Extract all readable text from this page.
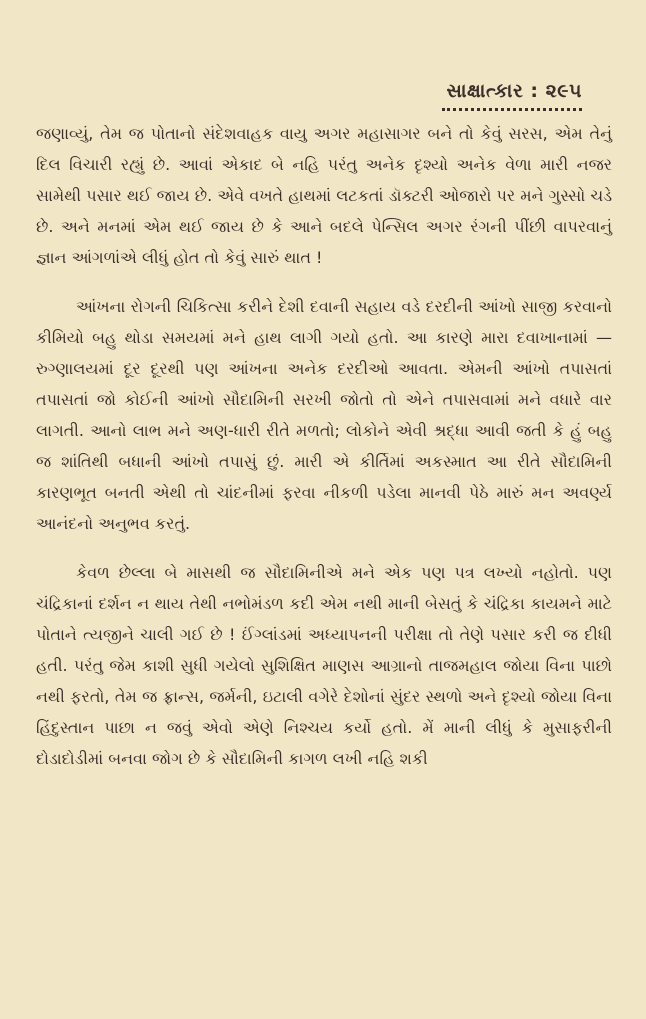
સાક્ષાત્કાર : ૨૯૫

જણાવ્યું, તેમ જ પોતાનો સંદેશવાહક વાયુ અગર મહાસાગર બને તો કેવું સરસ, એમ તેનું દિલ વિચારી રહ્યું છે. આવાં એકાદ બે નહિ પરંતુ અનેક દૃશ્યો અનેક વેળા મારી નજર સામેથી પસાર થઈ જાય છે. એવે વખતે હાથમાં લટકતાં ડૉક્ટરી ઓજારો પર મને ગુસ્સો ચડે છે. અને મનમાં એમ થઈ જાય છે કે આને બદલે પેન્સિલ અગર રંગની પીંછી વાપરવાનું જ્ઞાન આંગળાંએ લીધું હોત તો કેવું સારું થાત !

આંખના રોગની ચિકિત્સા કરીને દેશી દવાની સહાય વડે દરદીની આંખો સાજી કરવાનો કીમિયો બહુ થોડા સમયમાં મને હાથ લાગી ગયો હતો. આ કારણે મારા દવાખાનામાં — રુગ્ણાલયમાં દૂર દૂરથી પણ આંખના અનેક દરદીઓ આવતા. એમની આંખો તપાસતાં તપાસતાં જો કોઈની આંખો સૌદામિની સરખી જોતો તો એને તપાસવામાં મને વધારે વાર લાગતી. આનો લાભ મને અણ-ધારી રીતે મળતો; લોકોને એવી શ્રદ્ધા આવી જતી કે હું બહુ જ શાંતિથી બધાની આંખો તપાસું છું. મારી એ કીર્તિમાં અકસ્માત આ રીતે સૌદામિની કારણભૂત બનતી એથી તો ચાંદનીમાં ફરવા નીકળી પડેલા માનવી પેઠે મારું મન અવર્ણ્ય આનંદનો અનુભવ કરતું.

કેવળ છેલ્લા બે માસથી જ સૌદામિનીએ મને એક પણ પત્ર લખ્યો નહોતો. પણ ચંદ્રિકાનાં દર્શન ન થાય તેથી નભોમંડળ કદી એમ નથી માની બેસતું કે ચંદ્રિકા કાયમને માટે પોતાને ત્યજીને ચાલી ગઈ છે ! ઈંગ્લાંડમાં અધ્યાપનની પરીક્ષા તો તેણે પસાર કરી જ દીધી હતી. પરંતુ જેમ કાશી સુધી ગયેલો સુશિક્ષિત માણસ આગ્રાનો તાજમહાલ જોયા વિના પાછો નથી ફરતો, તેમ જ ફ્રાન્સ, જર્મની, ઇટાલી વગેરે દેશોનાં સુંદર સ્થળો અને દૃશ્યો જોયા વિના હિંદુસ્તાન પાછા ન જવું એવો એણે નિશ્ચય કર્યો હતો. મેં માની લીધું કે મુસાફરીની દોડાદોડીમાં બનવા જોગ છે કે સૌદામિની કાગળ લખી નહિ શકી
